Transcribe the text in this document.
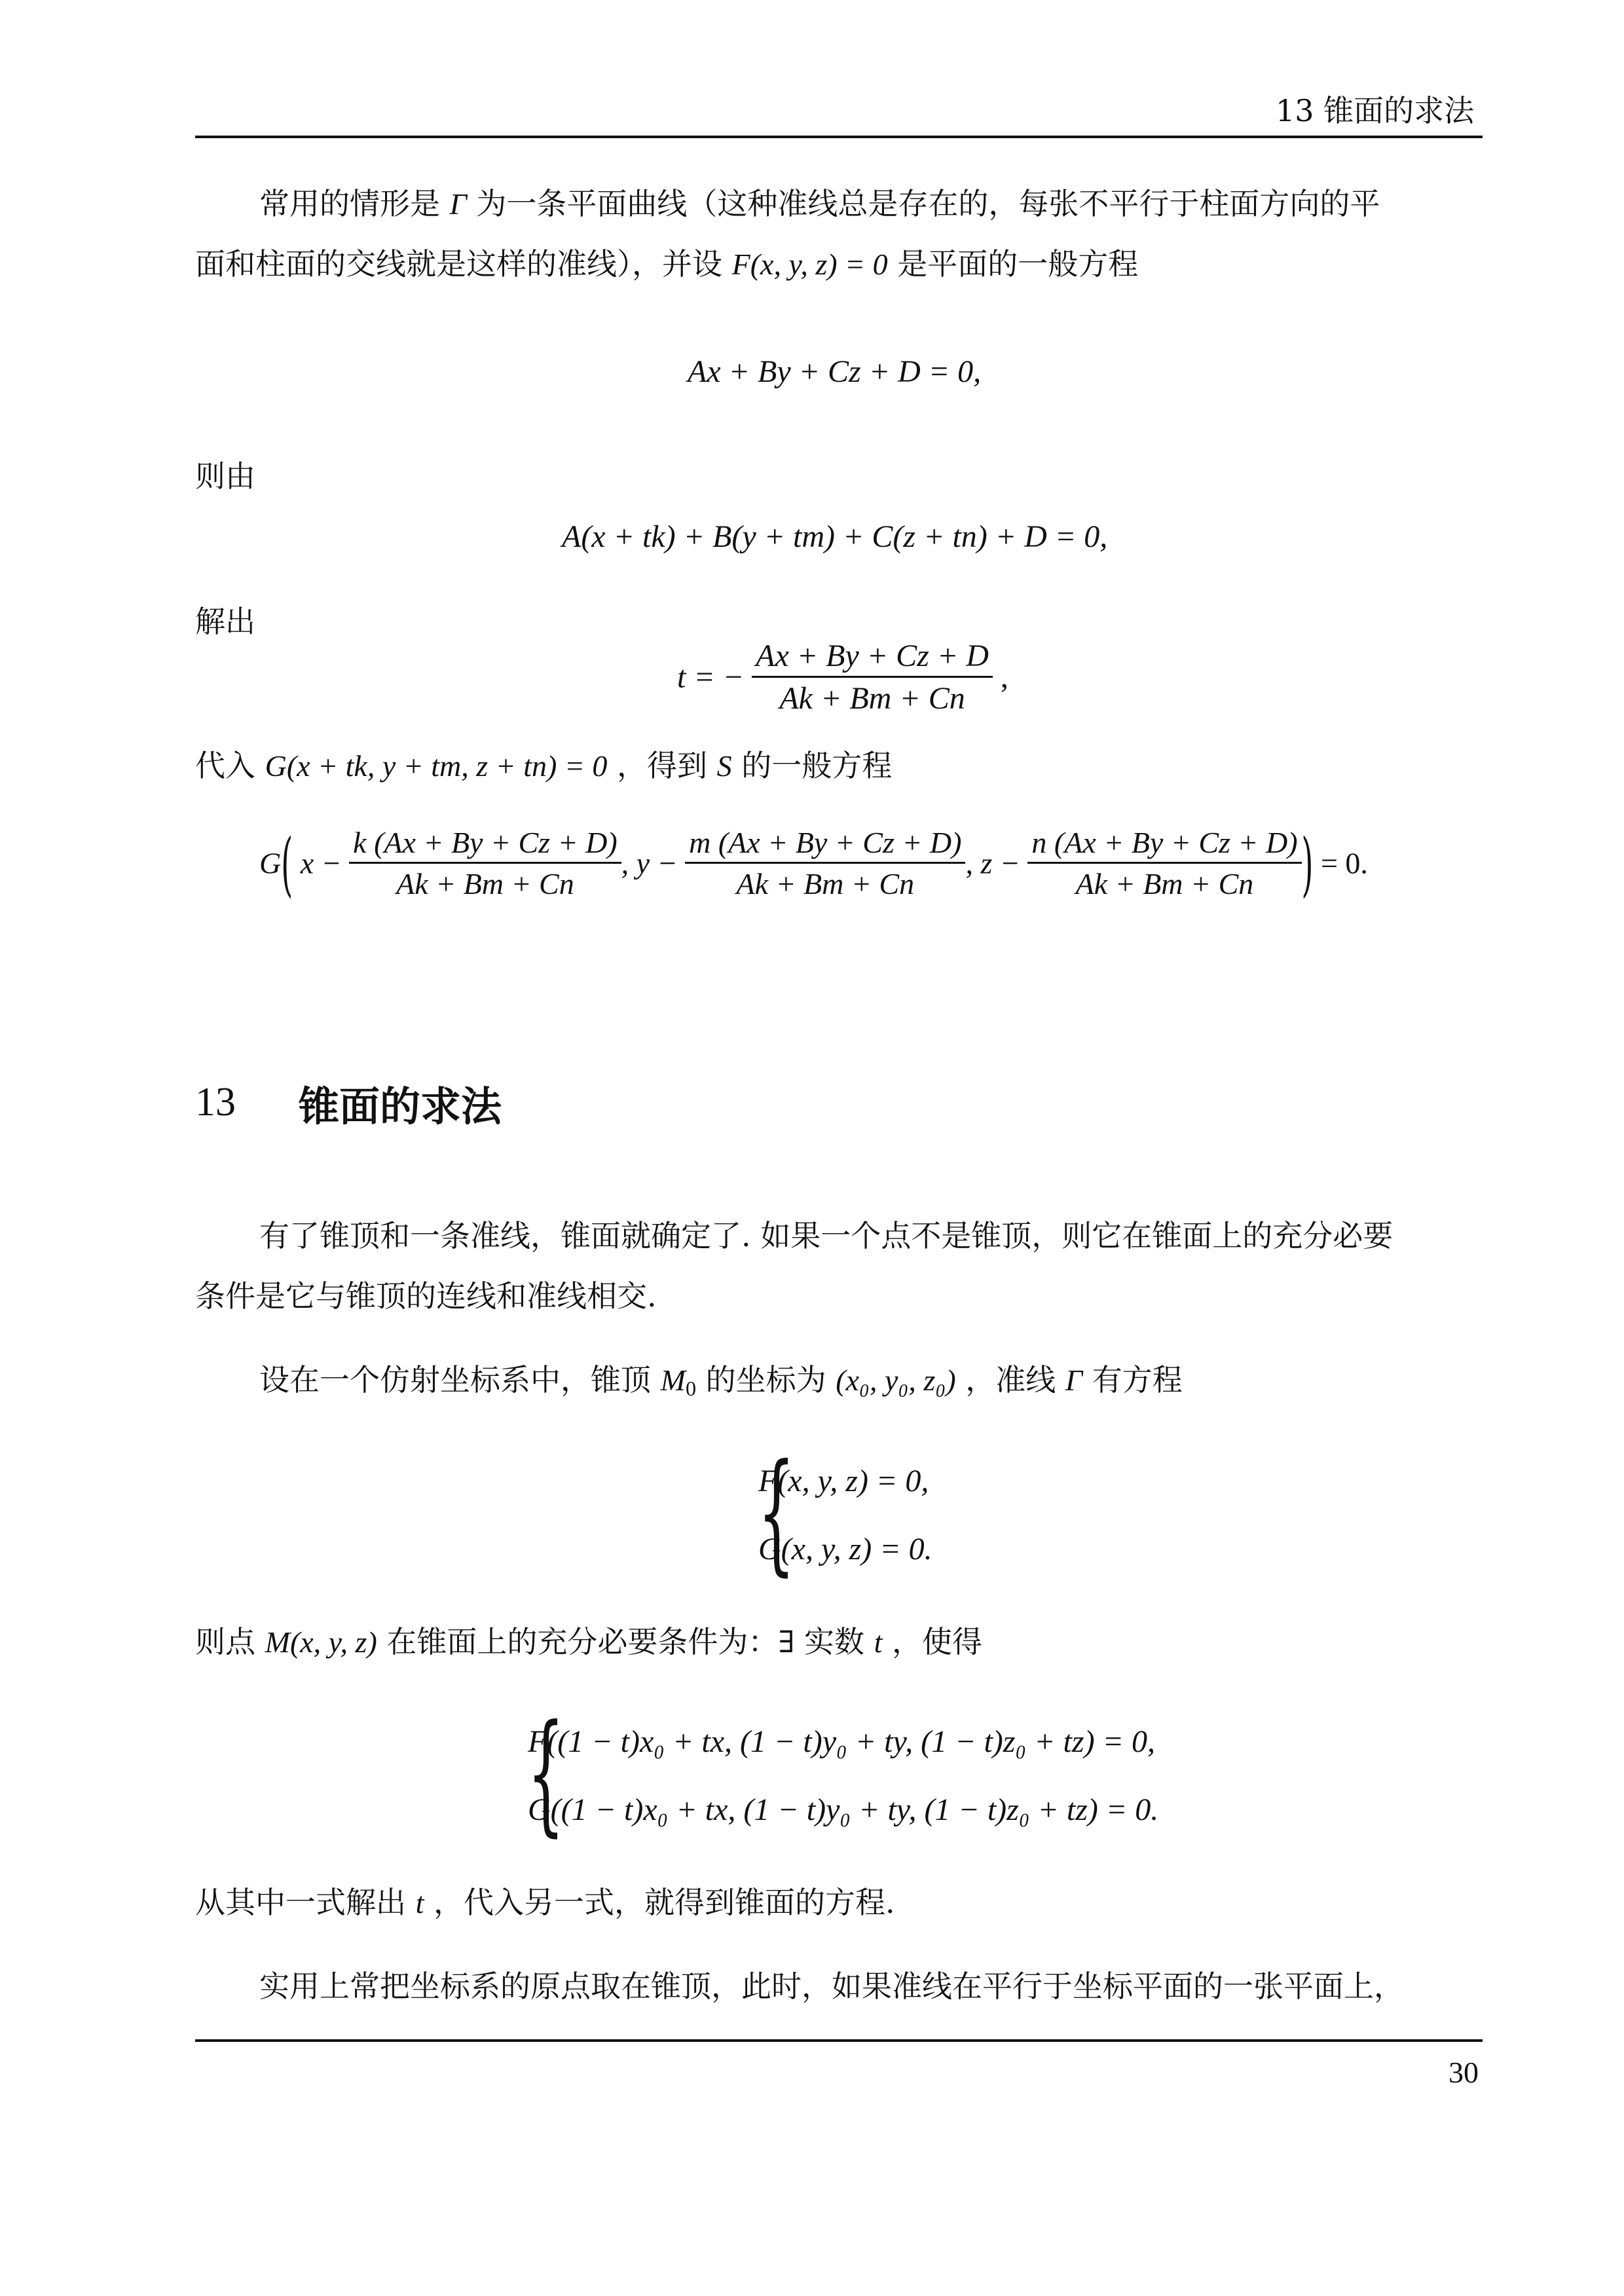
13 锥面的求法
常用的情形是 Γ 为一条平面曲线（这种准线总是存在的，每张不平行于柱面方向的平
面和柱面的交线就是这样的准线），并设 F(x, y, z) = 0 是平面的一般方程
Ax + By + Cz + D = 0,
则由
A(x + tk) + B(y + tm) + C(z + tn) + D = 0,
解出
t = − $\frac{Ax + By + Cz + D}{Ak + Bm + Cn}$ ,
代入 G(x + tk, y + tm, z + tn) = 0 ，得到 S 的一般方程
G( $x - \frac{k (Ax + By + Cz + D)}{Ak + Bm + Cn}$ , $y - \frac{m (Ax + By + Cz + D)}{Ak + Bm + Cn}$ , $z - \frac{n (Ax + By + Cz + D)}{Ak + Bm + Cn}$ ) = 0.
13 锥面的求法
有了锥顶和一条准线，锥面就确定了. 如果一个点不是锥顶，则它在锥面上的充分必要
条件是它与锥顶的连线和准线相交.
设在一个仿射坐标系中，锥顶 $M_0$ 的坐标为 (x₀, y₀, z₀) ，准线 Γ 有方程
{
F(x, y, z) = 0,
G(x, y, z) = 0.
则点 M(x, y, z) 在锥面上的充分必要条件为：∃ 实数 t ，使得
{
F((1 − t)x₀ + tx, (1 − t)y₀ + ty, (1 − t)z₀ + tz) = 0,
G((1 − t)x₀ + tx, (1 − t)y₀ + ty, (1 − t)z₀ + tz) = 0.
从其中一式解出 t ，代入另一式，就得到锥面的方程.
实用上常把坐标系的原点取在锥顶，此时，如果准线在平行于坐标平面的一张平面上，
30
